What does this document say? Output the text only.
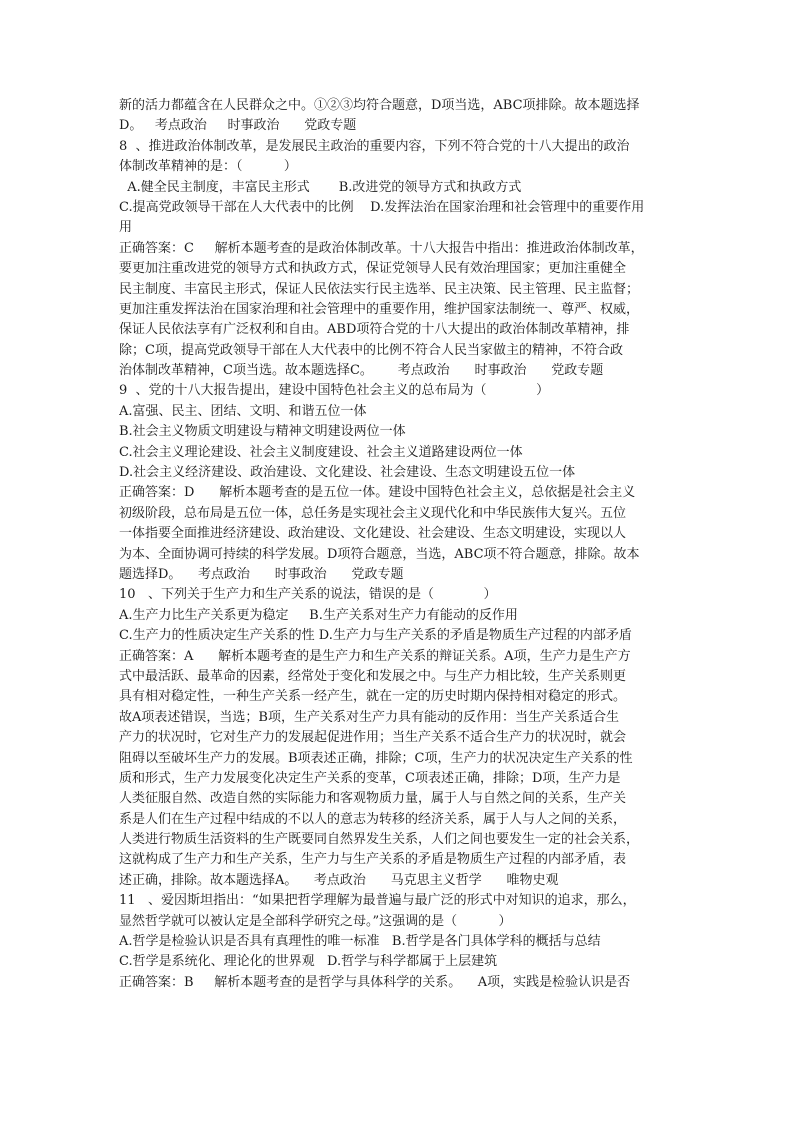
新的活力都蕴含在人民群众之中。①②③均符合题意，D项当选，ABC项排除。故本题选择
D。   考点政治     时事政治      党政专题
8  、推进政治体制改革，是发展民主政治的重要内容，下列不符合党的十八大提出的政治
体制改革精神的是：（          ）
A.健全民主制度，丰富民主形式       B.改进党的领导方式和执政方式
C.提高党政领导干部在人大代表中的比例    D.发挥法治在国家治理和社会管理中的重要作用
用
正确答案：C     解析本题考查的是政治体制改革。十八大报告中指出：推进政治体制改革，
要更加注重改进党的领导方式和执政方式，保证党领导人民有效治理国家；更加注重健全
民主制度、丰富民主形式，保证人民依法实行民主选举、民主决策、民主管理、民主监督；
更加注重发挥法治在国家治理和社会管理中的重要作用，维护国家法制统一、尊严、权威，
保证人民依法享有广泛权利和自由。ABD项符合党的十八大提出的政治体制改革精神，排
除；C项，提高党政领导干部在人大代表中的比例不符合人民当家做主的精神，不符合政
治体制改革精神，C项当选。故本题选择C。      考点政治      时事政治      党政专题
9  、党的十八大报告提出，建设中国特色社会主义的总布局为（            ）
A.富强、民主、团结、文明、和谐五位一体
B.社会主义物质文明建设与精神文明建设两位一体
C.社会主义理论建设、社会主义制度建设、社会主义道路建设两位一体
D.社会主义经济建设、政治建设、文化建设、社会建设、生态文明建设五位一体
正确答案：D      解析本题考查的是五位一体。建设中国特色社会主义，总依据是社会主义
初级阶段，总布局是五位一体，总任务是实现社会主义现代化和中华民族伟大复兴。五位
一体指要全面推进经济建设、政治建设、文化建设、社会建设、生态文明建设，实现以人
为本、全面协调可持续的科学发展。D项符合题意，当选，ABC项不符合题意，排除。故本
题选择D。    考点政治      时事政治      党政专题
10   、下列关于生产力和生产关系的说法，错误的是（            ）
A.生产力比生产关系更为稳定     B.生产关系对生产力有能动的反作用
C.生产力的性质决定生产关系的性 D.生产力与生产关系的矛盾是物质生产过程的内部矛盾
正确答案：A      解析本题考查的是生产力和生产关系的辩证关系。A项，生产力是生产方
式中最活跃、最革命的因素，经常处于变化和发展之中。与生产力相比较，生产关系则更
具有相对稳定性，一种生产关系一经产生，就在一定的历史时期内保持相对稳定的形式。
故A项表述错误，当选；B项，生产关系对生产力具有能动的反作用：当生产关系适合生
产力的状况时，它对生产力的发展起促进作用；当生产关系不适合生产力的状况时，就会
阻碍以至破坏生产力的发展。B项表述正确，排除；C项，生产力的状况决定生产关系的性
质和形式，生产力发展变化决定生产关系的变革，C项表述正确，排除；D项，生产力是
人类征服自然、改造自然的实际能力和客观物质力量，属于人与自然之间的关系，生产关
系是人们在生产过程中结成的不以人的意志为转移的经济关系，属于人与人之间的关系，
人类进行物质生活资料的生产既要同自然界发生关系，人们之间也要发生一定的社会关系，
这就构成了生产力和生产关系，生产力与生产关系的矛盾是物质生产过程的内部矛盾，表
述正确，排除。故本题选择A。    考点政治      马克思主义哲学      唯物史观
11   、爱因斯坦指出：“如果把哲学理解为最普遍与最广泛的形式中对知识的追求，那么，
显然哲学就可以被认定是全部科学研究之母。”这强调的是（          ）
A.哲学是检验认识是否具有真理性的唯一标准   B.哲学是各门具体学科的概括与总结
C.哲学是系统化、理论化的世界观   D.哲学与科学都属于上层建筑
正确答案：B     解析本题考查的是哲学与具体科学的关系。    A项，实践是检验认识是否
